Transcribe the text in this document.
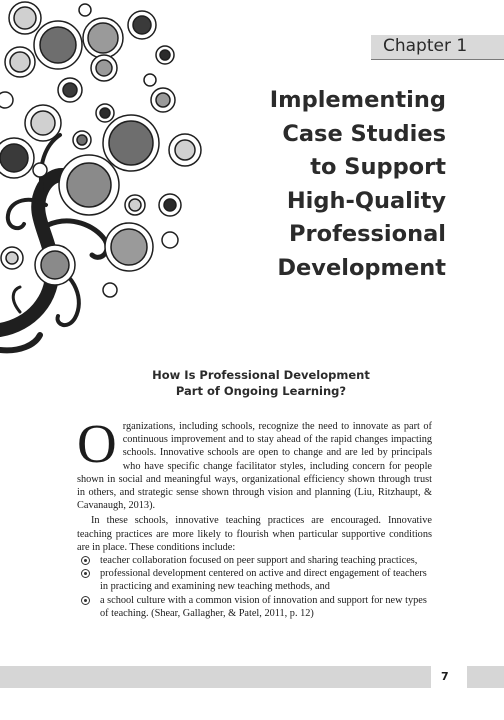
Chapter 1
Implementing
Case Studies
to Support
High-Quality
Professional
Development
How Is Professional Development
Part of Ongoing Learning?

Organizations, including schools, recognize the need to innovate as part of continuous improvement and to stay ahead of the rapid changes impacting schools. Innovative schools are open to change and are led by principals who have specific change facilitator styles, including concern for people shown in social and meaningful ways, organizational efficiency shown through trust in others, and strategic sense shown through vision and planning (Liu, Ritzhaupt, & Cavanaugh, 2013).

In these schools, innovative teaching practices are encouraged. Innovative teaching practices are more likely to flourish when particular supportive conditions are in place. These conditions include:

teacher collaboration focused on peer support and sharing teaching practices,
professional development centered on active and direct engagement of teachers in practicing and examining new teaching methods, and
a school culture with a common vision of innovation and support for new types of teaching. (Shear, Gallagher, & Patel, 2011, p. 12)
7
